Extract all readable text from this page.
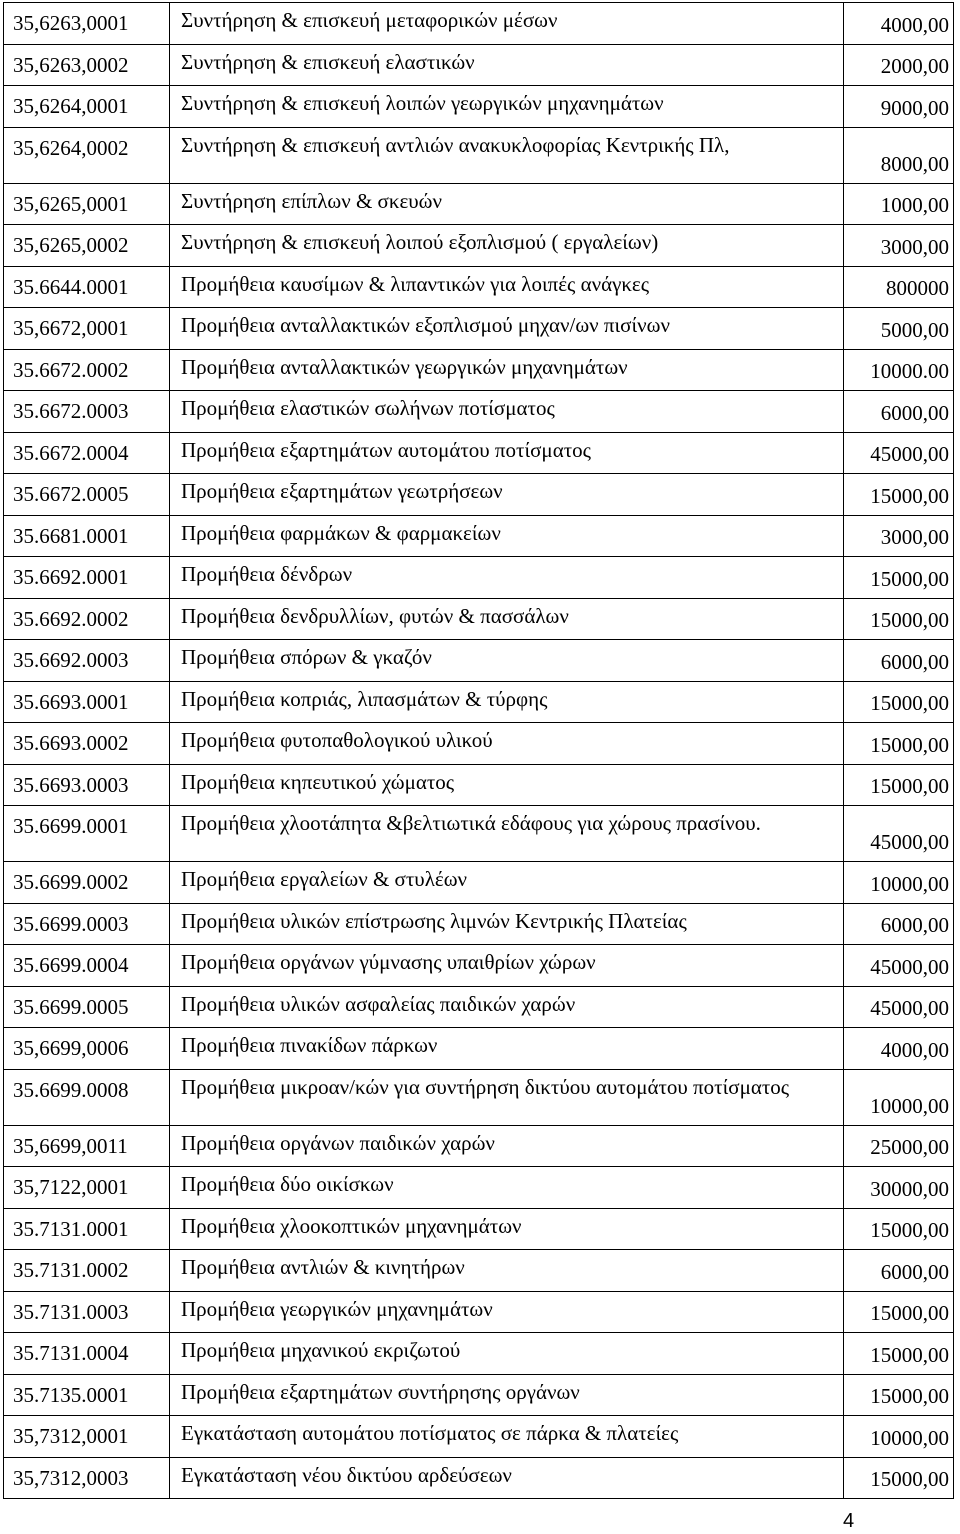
35,6263,0001	Συντήρηση & επισκευή μεταφορικών μέσων	4000,00
35,6263,0002	Συντήρηση & επισκευή ελαστικών	2000,00
35,6264,0001	Συντήρηση & επισκευή λοιπών γεωργικών μηχανημάτων	9000,00
35,6264,0002	Συντήρηση & επισκευή αντλιών ανακυκλοφορίας Κεντρικής Πλ,	8000,00
35,6265,0001	Συντήρηση επίπλων & σκευών	1000,00
35,6265,0002	Συντήρηση & επισκευή λοιπού εξοπλισμού ( εργαλείων)	3000,00
35.6644.0001	Προμήθεια καυσίμων & λιπαντικών για λοιπές ανάγκες	800000
35,6672,0001	Προμήθεια ανταλλακτικών εξοπλισμού μηχαν/ων πισίνων	5000,00
35.6672.0002	Προμήθεια ανταλλακτικών γεωργικών μηχανημάτων	10000.00
35.6672.0003	Προμήθεια ελαστικών σωλήνων ποτίσματος	6000,00
35.6672.0004	Προμήθεια εξαρτημάτων αυτομάτου ποτίσματος	45000,00
35.6672.0005	Προμήθεια εξαρτημάτων γεωτρήσεων	15000,00
35.6681.0001	Προμήθεια φαρμάκων & φαρμακείων	3000,00
35.6692.0001	Προμήθεια δένδρων	15000,00
35.6692.0002	Προμήθεια δενδρυλλίων, φυτών & πασσάλων	15000,00
35.6692.0003	Προμήθεια σπόρων & γκαζόν	6000,00
35.6693.0001	Προμήθεια κοπριάς, λιπασμάτων & τύρφης	15000,00
35.6693.0002	Προμήθεια φυτοπαθολογικού υλικού	15000,00
35.6693.0003	Προμήθεια κηπευτικού χώματος	15000,00
35.6699.0001	Προμήθεια χλοοτάπητα &βελτιωτικά εδάφους για χώρους πρασίνου.	45000,00
35.6699.0002	Προμήθεια εργαλείων & στυλέων	10000,00
35.6699.0003	Προμήθεια υλικών επίστρωσης λιμνών Κεντρικής Πλατείας	6000,00
35.6699.0004	Προμήθεια οργάνων γύμνασης υπαιθρίων χώρων	45000,00
35.6699.0005	Προμήθεια υλικών ασφαλείας παιδικών χαρών	45000,00
35,6699,0006	Προμήθεια πινακίδων πάρκων	4000,00
35.6699.0008	Προμήθεια μικροαν/κών για συντήρηση δικτύου αυτομάτου ποτίσματος	10000,00
35,6699,0011	Προμήθεια οργάνων παιδικών χαρών	25000,00
35,7122,0001	Προμήθεια δύο οικίσκων	30000,00
35.7131.0001	Προμήθεια χλοοκοπτικών μηχανημάτων	15000,00
35.7131.0002	Προμήθεια αντλιών & κινητήρων	6000,00
35.7131.0003	Προμήθεια γεωργικών μηχανημάτων	15000,00
35.7131.0004	Προμήθεια μηχανικού εκριζωτού	15000,00
35.7135.0001	Προμήθεια εξαρτημάτων συντήρησης οργάνων	15000,00
35,7312,0001	Εγκατάσταση αυτομάτου ποτίσματος σε πάρκα & πλατείες	10000,00
35,7312,0003	Εγκατάσταση νέου δικτύου αρδεύσεων	15000,00
4
